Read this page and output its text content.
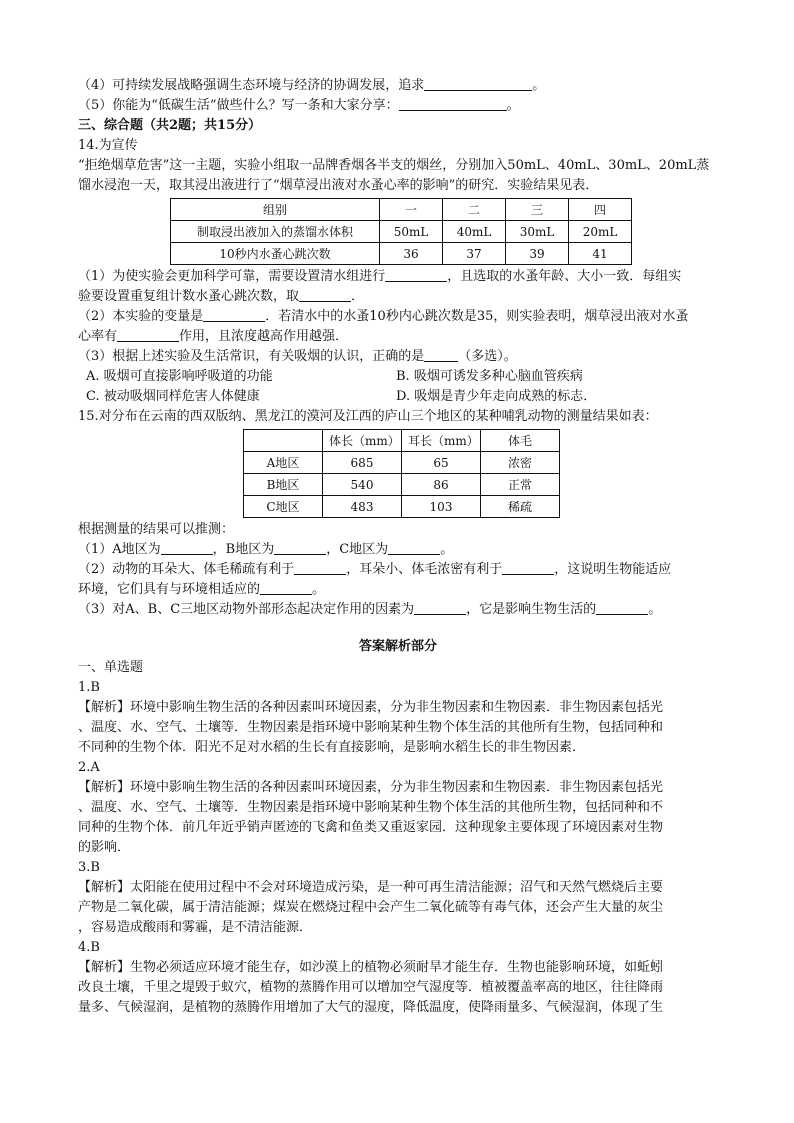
（4）可持续发展战略强调生态环境与经济的协调发展，追求	。
（5）你能为“低碳生活”做些什么？写一条和大家分享：	。
三、综合题（共2题；共15分）
14.为宣传
“拒绝烟草危害”这一主题，实验小组取一品牌香烟各半支的烟丝，分别加入50mL、40mL、30mL、20mL蒸馏水浸泡一天，取其浸出液进行了“烟草浸出液对水蚤心率的影响”的研究．实验结果见表．
组别	一	二	三	四
制取浸出液加入的蒸馏水体积	50mL	40mL	30mL	20mL
10秒内水蚤心跳次数	36	37	39	41
（1）为使实验会更加科学可靠，需要设置清水组进行	，且选取的水蚤年龄、大小一致．每组实
验要设置重复组计数水蚤心跳次数，取	．
（2）本实验的变量是	．若清水中的水蚤10秒内心跳次数是35，则实验表明，烟草浸出液对水蚤
心率有	作用，且浓度越高作用越强．
（3）根据上述实验及生活常识，有关吸烟的认识，正确的是	（多选）。
A. 吸烟可直接影响呼吸道的功能	B. 吸烟可诱发多种心脑血管疾病
C. 被动吸烟同样危害人体健康	D. 吸烟是青少年走向成熟的标志．
15.对分布在云南的西双版纳、黑龙江的漠河及江西的庐山三个地区的某种哺乳动物的测量结果如表：
	体长（mm）	耳长（mm）	体毛
A地区	685	65	浓密
B地区	540	86	正常
C地区	483	103	稀疏
根据测量的结果可以推测：
（1）A地区为	，B地区为	，C地区为	。
（2）动物的耳朵大、体毛稀疏有利于	，耳朵小、体毛浓密有利于	，这说明生物能适应
环境，它们具有与环境相适应的	。
（3）对A、B、C三地区动物外部形态起决定作用的因素为	，它是影响生物生活的	。
答案解析部分
一、单选题
1.B
【解析】环境中影响生物生活的各种因素叫环境因素，分为非生物因素和生物因素．非生物因素包括光
、温度、水、空气、土壤等．生物因素是指环境中影响某种生物个体生活的其他所有生物，包括同种和
不同种的生物个体．阳光不足对水稻的生长有直接影响，是影响水稻生长的非生物因素．
2.A
【解析】环境中影响生物生活的各种因素叫环境因素，分为非生物因素和生物因素．非生物因素包括光
、温度、水、空气、土壤等．生物因素是指环境中影响某种生物个体生活的其他所生物，包括同种和不
同种的生物个体．前几年近乎销声匿迹的飞禽和鱼类又重返家园．这种现象主要体现了环境因素对生物
的影响．
3.B
【解析】太阳能在使用过程中不会对环境造成污染，是一种可再生清洁能源；沼气和天然气燃烧后主要
产物是二氧化碳，属于清洁能源；煤炭在燃烧过程中会产生二氧化硫等有毒气体，还会产生大量的灰尘
，容易造成酸雨和雾霾，是不清洁能源．
4.B
【解析】生物必须适应环境才能生存，如沙漠上的植物必须耐旱才能生存．生物也能影响环境，如蚯蚓
改良土壤，千里之堤毁于蚁穴，植物的蒸腾作用可以增加空气湿度等．植被覆盖率高的地区，往往降雨
量多、气候湿润，是植物的蒸腾作用增加了大气的湿度，降低温度，使降雨量多、气候湿润，体现了生
